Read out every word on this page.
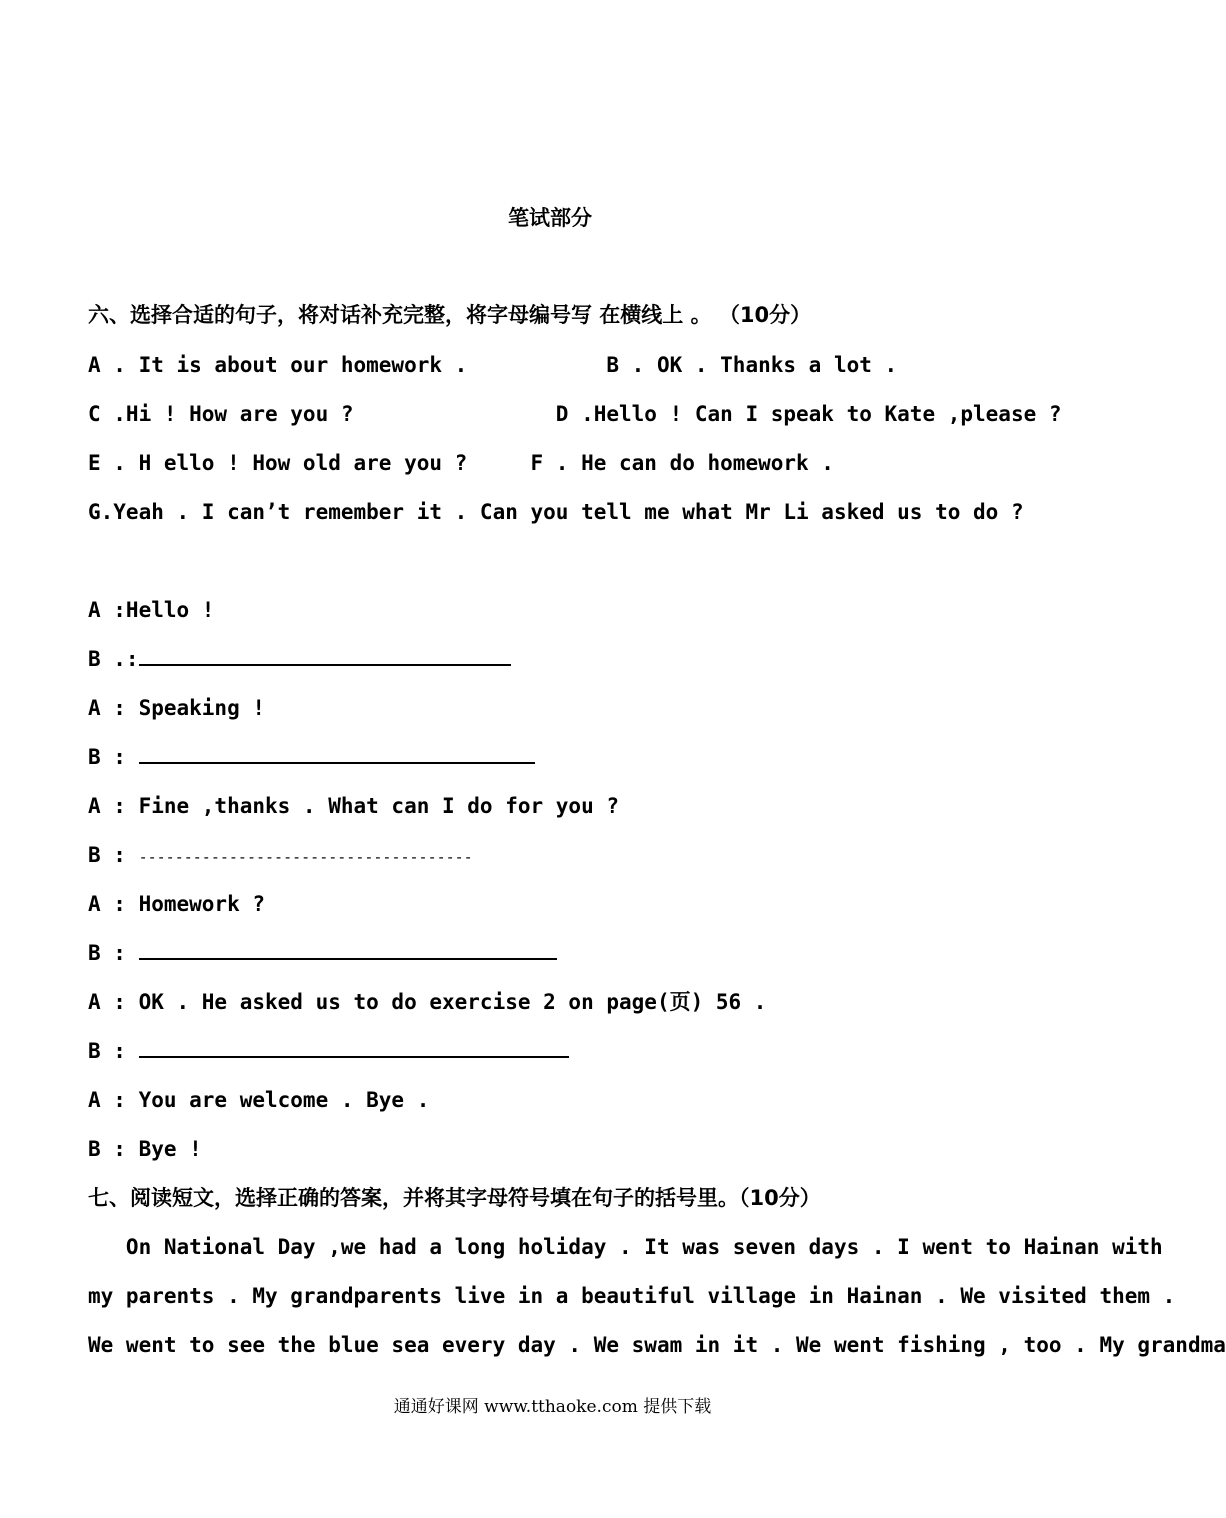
笔试部分
六、选择合适的句子，将对话补充完整，将字母编号写 在横线上 。 （10分）
A . It is about our homework .           B . OK . Thanks a lot .
C .Hi ! How are you ?                D .Hello ! Can I speak to Kate ,please ?
E . H ello ! How old are you ?     F . He can do homework .
G.Yeah . I can’t remember it . Can you tell me what Mr Li asked us to do ?
A :Hello !
B .:
A : Speaking !
B :
A : Fine ,thanks . What can I do for you ?
B : -------------------------------------
A : Homework ?
B :
A : OK . He asked us to do exercise 2 on page(页) 56 .
B :
A : You are welcome . Bye .
B : Bye !
七、阅读短文，选择正确的答案，并将其字母符号填在句子的括号里。（10分）
On National Day ,we had a long holiday . It was seven days . I went to Hainan with
my parents . My grandparents live in a beautiful village in Hainan . We visited them .
We went to see the blue sea every day . We swam in it . We went fishing , too . My grandma
通通好课网 www.tthaoke.com 提供下载
